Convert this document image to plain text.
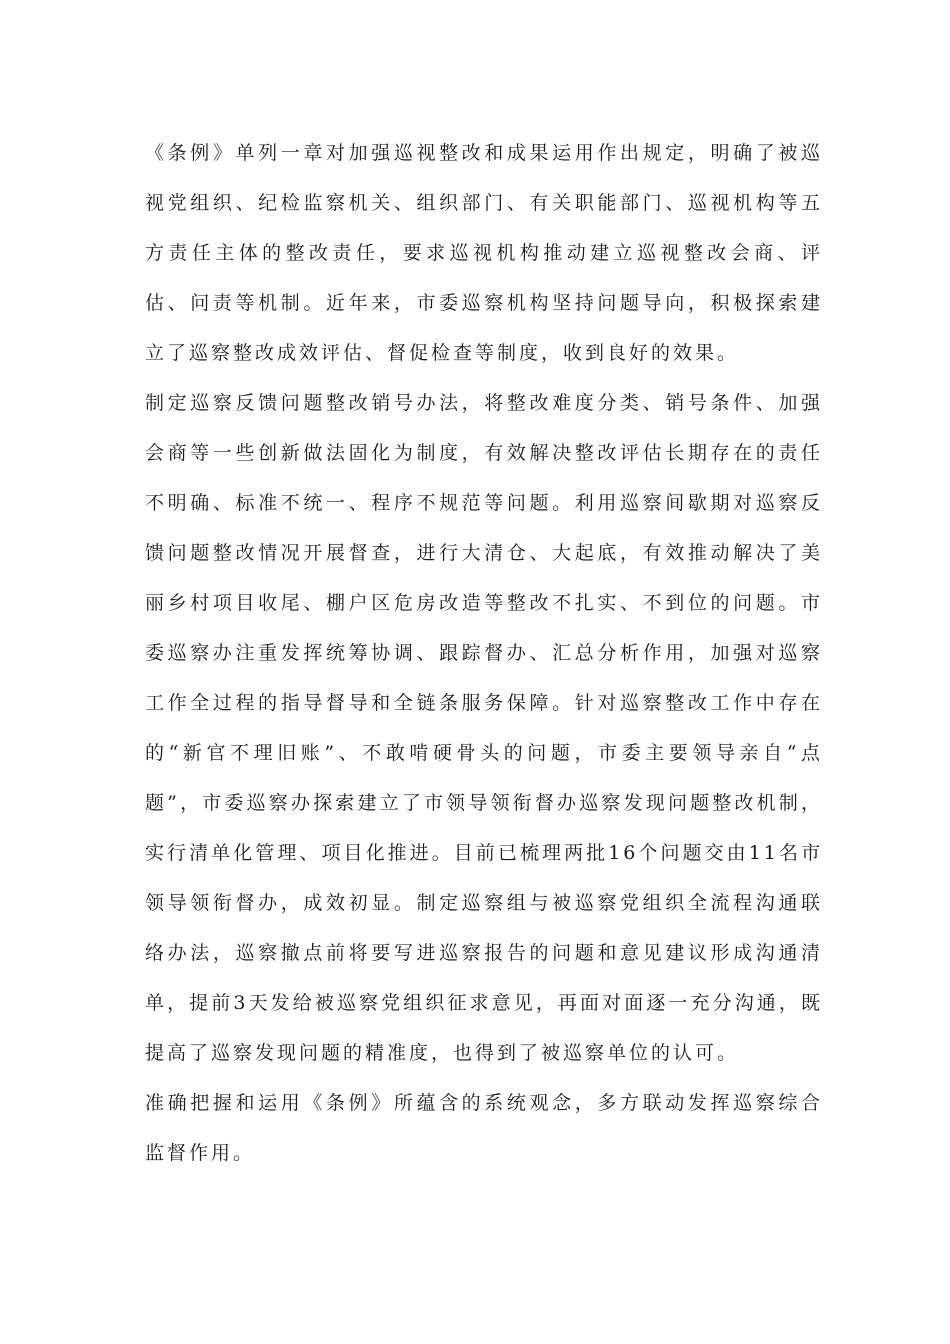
《条例》单列一章对加强巡视整改和成果运用作出规定，明确了被巡视党组织、纪检监察机关、组织部门、有关职能部门、巡视机构等五方责任主体的整改责任，要求巡视机构推动建立巡视整改会商、评估、问责等机制。近年来，市委巡察机构坚持问题导向，积极探索建立了巡察整改成效评估、督促检查等制度，收到良好的效果。

制定巡察反馈问题整改销号办法，将整改难度分类、销号条件、加强会商等一些创新做法固化为制度，有效解决整改评估长期存在的责任不明确、标准不统一、程序不规范等问题。利用巡察间歇期对巡察反馈问题整改情况开展督查，进行大清仓、大起底，有效推动解决了美丽乡村项目收尾、棚户区危房改造等整改不扎实、不到位的问题。市委巡察办注重发挥统筹协调、跟踪督办、汇总分析作用，加强对巡察工作全过程的指导督导和全链条服务保障。针对巡察整改工作中存在的“新官不理旧账”、不敢啃硬骨头的问题，市委主要领导亲自“点题”，市委巡察办探索建立了市领导领衔督办巡察发现问题整改机制，实行清单化管理、项目化推进。目前已梳理两批16个问题交由11名市领导领衔督办，成效初显。制定巡察组与被巡察党组织全流程沟通联络办法，巡察撤点前将要写进巡察报告的问题和意见建议形成沟通清单，提前3天发给被巡察党组织征求意见，再面对面逐一充分沟通，既提高了巡察发现问题的精准度，也得到了被巡察单位的认可。

准确把握和运用《条例》所蕴含的系统观念，多方联动发挥巡察综合监督作用。
